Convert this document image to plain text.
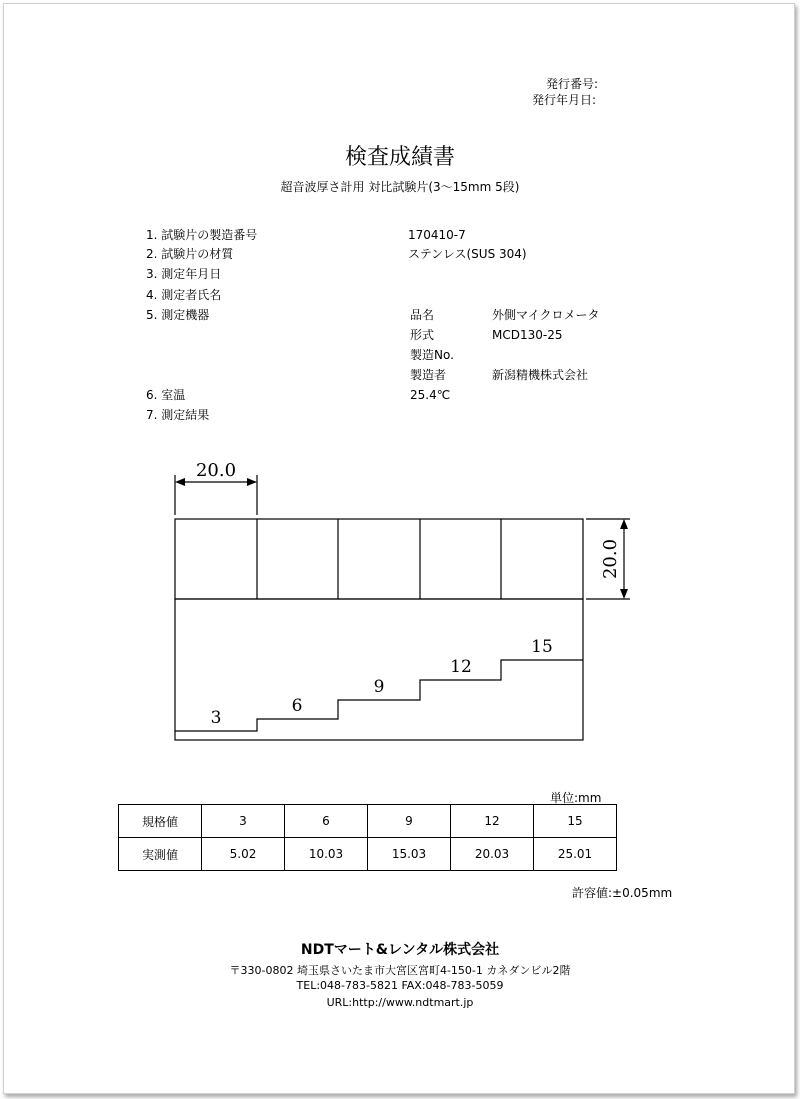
発行番号:
発行年月日:
検査成績書
超音波厚さ計用 対比試験片(3～15mm 5段)
1. 試験片の製造番号	170410-7
2. 試験片の材質	ステンレス(SUS 304)
3. 測定年月日
4. 測定者氏名
5. 測定機器	品名	外側マイクロメータ
形式	MCD130-25
製造No.
製造者	新潟精機株式会社
6. 室温	25.4℃
7. 測定結果
20.0
20.0
3
6
9
12
15
単位:mm
規格値	3	6	9	12	15
実測値	5.02	10.03	15.03	20.03	25.01
許容値:±0.05mm
NDTマート&レンタル株式会社
〒330-0802 埼玉県さいたま市大宮区宮町4-150-1 カネダンビル2階
TEL:048-783-5821 FAX:048-783-5059
URL:http://www.ndtmart.jp
